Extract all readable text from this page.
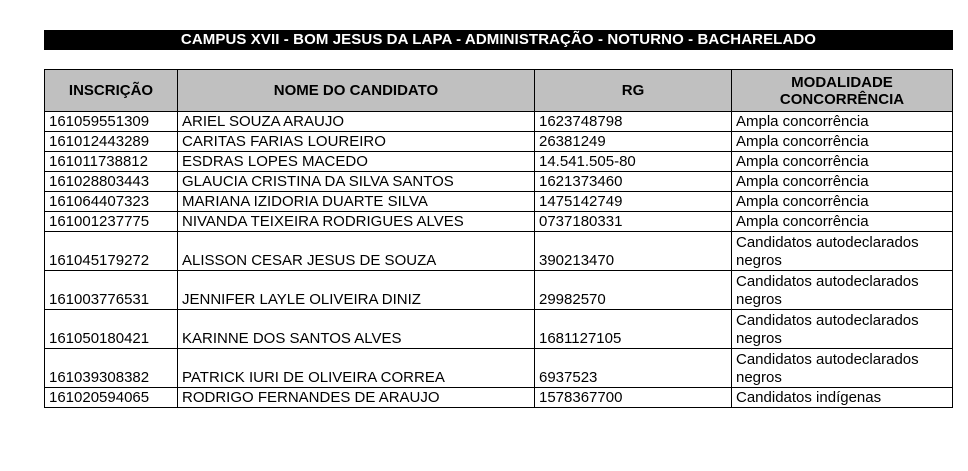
CAMPUS XVII - BOM JESUS DA LAPA - ADMINISTRAÇÃO - NOTURNO - BACHARELADO
INSCRIÇÃO	NOME DO CANDIDATO	RG	MODALIDADE CONCORRÊNCIA
161059551309	ARIEL SOUZA ARAUJO	1623748798	Ampla concorrência
161012443289	CARITAS FARIAS LOUREIRO	26381249	Ampla concorrência
161011738812	ESDRAS LOPES MACEDO	14.541.505-80	Ampla concorrência
161028803443	GLAUCIA CRISTINA DA SILVA SANTOS	1621373460	Ampla concorrência
161064407323	MARIANA IZIDORIA DUARTE SILVA	1475142749	Ampla concorrência
161001237775	NIVANDA TEIXEIRA RODRIGUES ALVES	0737180331	Ampla concorrência
161045179272	ALISSON CESAR JESUS DE SOUZA	390213470	Candidatos autodeclarados negros
161003776531	JENNIFER LAYLE OLIVEIRA DINIZ	29982570	Candidatos autodeclarados negros
161050180421	KARINNE DOS SANTOS ALVES	1681127105	Candidatos autodeclarados negros
161039308382	PATRICK IURI DE OLIVEIRA CORREA	6937523	Candidatos autodeclarados negros
161020594065	RODRIGO FERNANDES DE ARAUJO	1578367700	Candidatos indígenas
